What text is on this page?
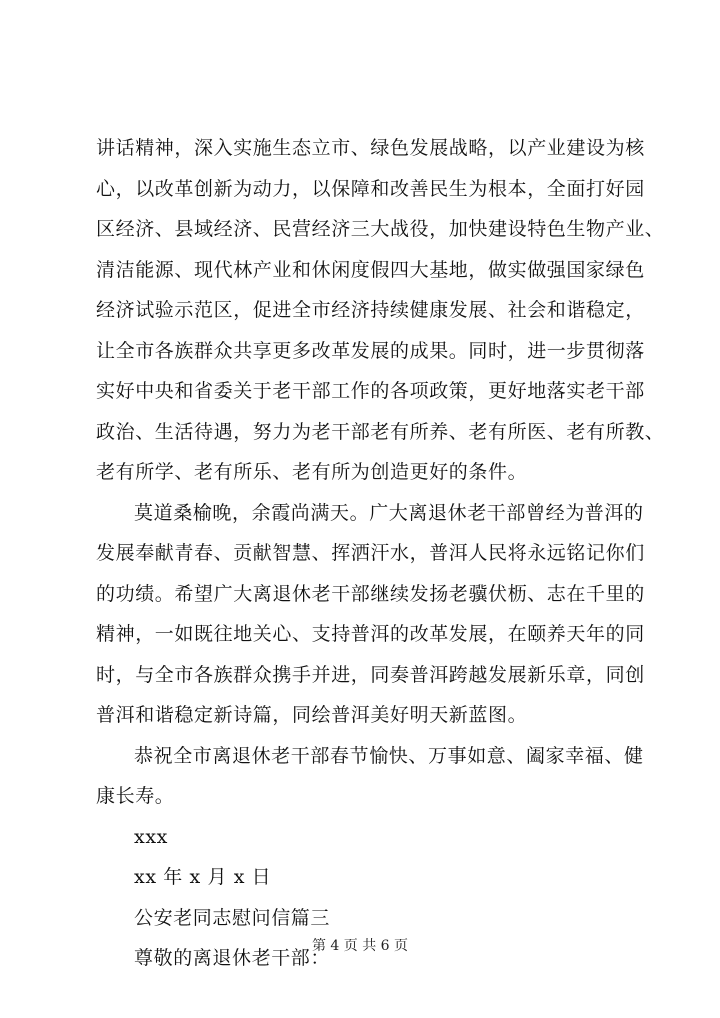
讲话精神，深入实施生态立市、绿色发展战略，以产业建设为核
心，以改革创新为动力，以保障和改善民生为根本，全面打好园
区经济、县域经济、民营经济三大战役，加快建设特色生物产业、
清洁能源、现代林产业和休闲度假四大基地，做实做强国家绿色
经济试验示范区，促进全市经济持续健康发展、社会和谐稳定，
让全市各族群众共享更多改革发展的成果。同时，进一步贯彻落
实好中央和省委关于老干部工作的各项政策，更好地落实老干部
政治、生活待遇，努力为老干部老有所养、老有所医、老有所教、
老有所学、老有所乐、老有所为创造更好的条件。

莫道桑榆晚，余霞尚满天。广大离退休老干部曾经为普洱的
发展奉献青春、贡献智慧、挥洒汗水，普洱人民将永远铭记你们
的功绩。希望广大离退休老干部继续发扬老骥伏枥、志在千里的
精神，一如既往地关心、支持普洱的改革发展，在颐养天年的同
时，与全市各族群众携手并进，同奏普洱跨越发展新乐章，同创
普洱和谐稳定新诗篇，同绘普洱美好明天新蓝图。

恭祝全市离退休老干部春节愉快、万事如意、阖家幸福、健
康长寿。

xxx

xx 年 x 月 x 日

公安老同志慰问信篇三

尊敬的离退休老干部：

第 4 页 共 6 页
